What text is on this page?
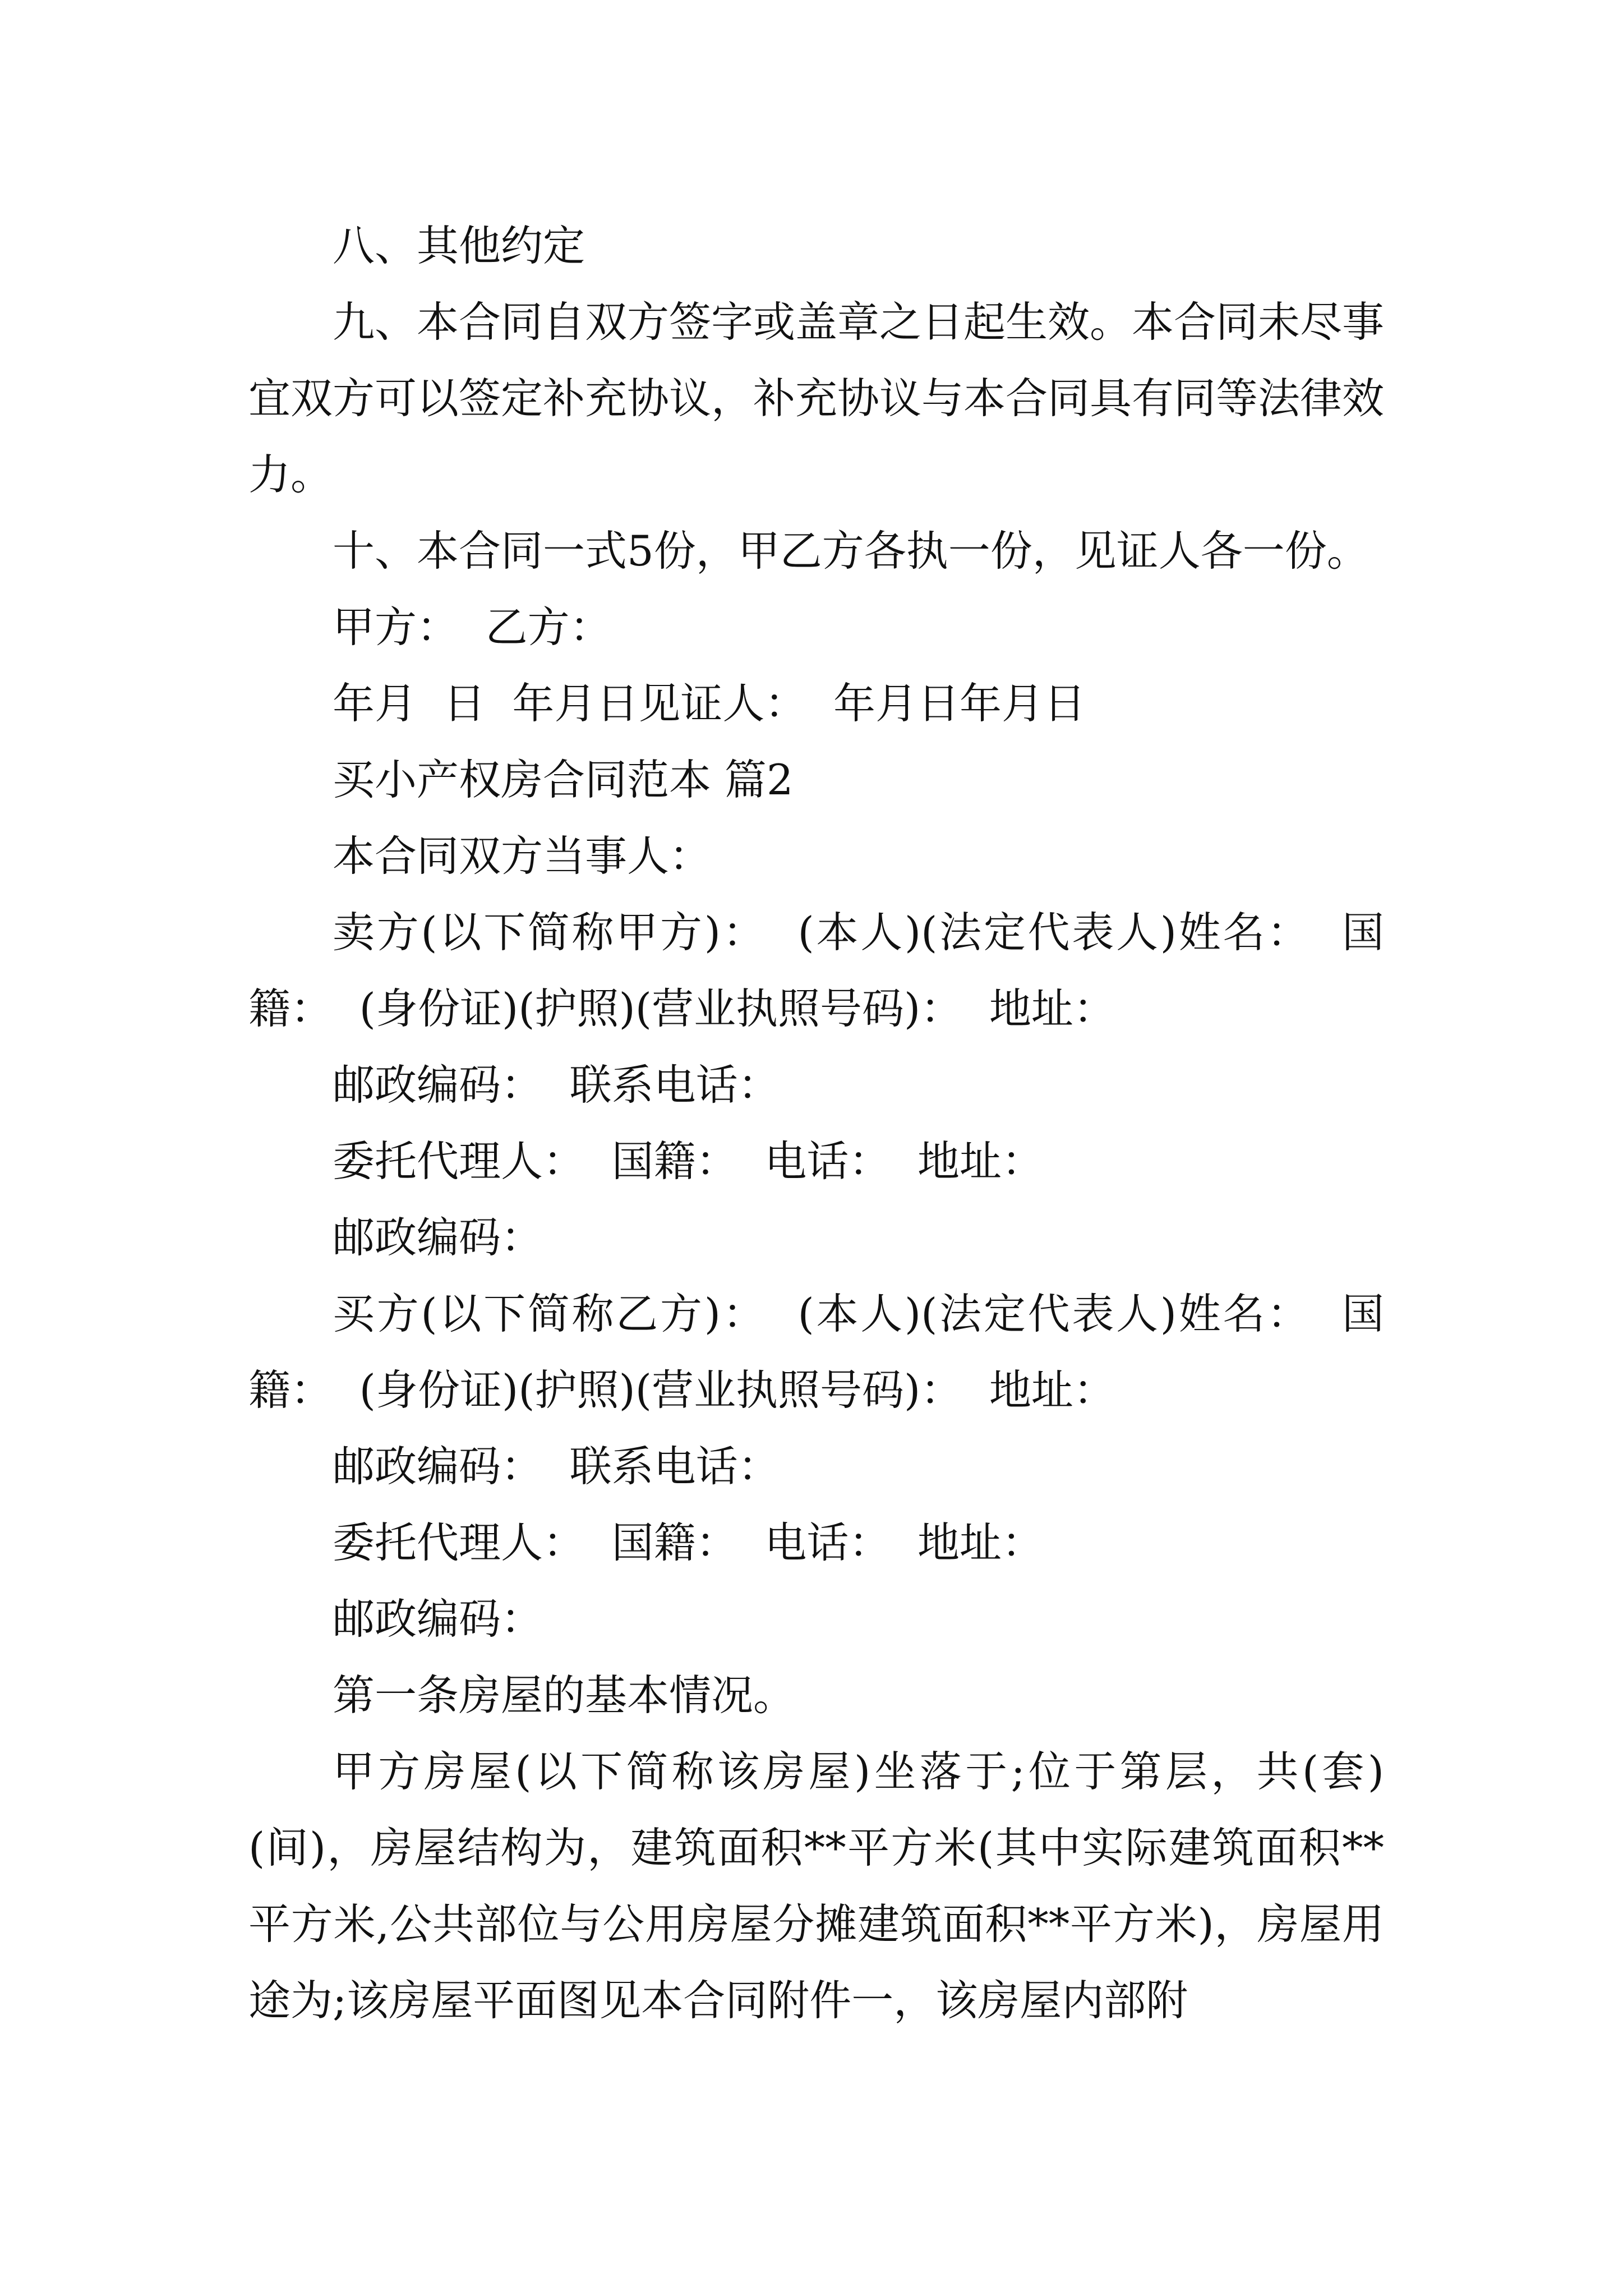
八、其他约定

九、本合同自双方签字或盖章之日起生效。本合同未尽事宜双方可以签定补充协议，补充协议与本合同具有同等法律效力。

十、本合同一式5份，甲乙方各执一份，见证人各一份。

甲方：  乙方：

年月  日  年月日见证人：  年月日年月日

买小产权房合同范本 篇2

本合同双方当事人：

卖方(以下简称甲方)：  (本人)(法定代表人)姓名：  国籍：  (身份证)(护照)(营业执照号码)：  地址：

邮政编码：  联系电话：

委托代理人：  国籍：  电话：  地址：

邮政编码：

买方(以下简称乙方)：  (本人)(法定代表人)姓名：  国籍：  (身份证)(护照)(营业执照号码)：  地址：

邮政编码：  联系电话：

委托代理人：  国籍：  电话：  地址：

邮政编码：

第一条房屋的基本情况。

甲方房屋(以下简称该房屋)坐落于;位于第层，共(套)(间)，房屋结构为，建筑面积**平方米(其中实际建筑面积**平方米,公共部位与公用房屋分摊建筑面积**平方米)，房屋用途为;该房屋平面图见本合同附件一，该房屋内部附
